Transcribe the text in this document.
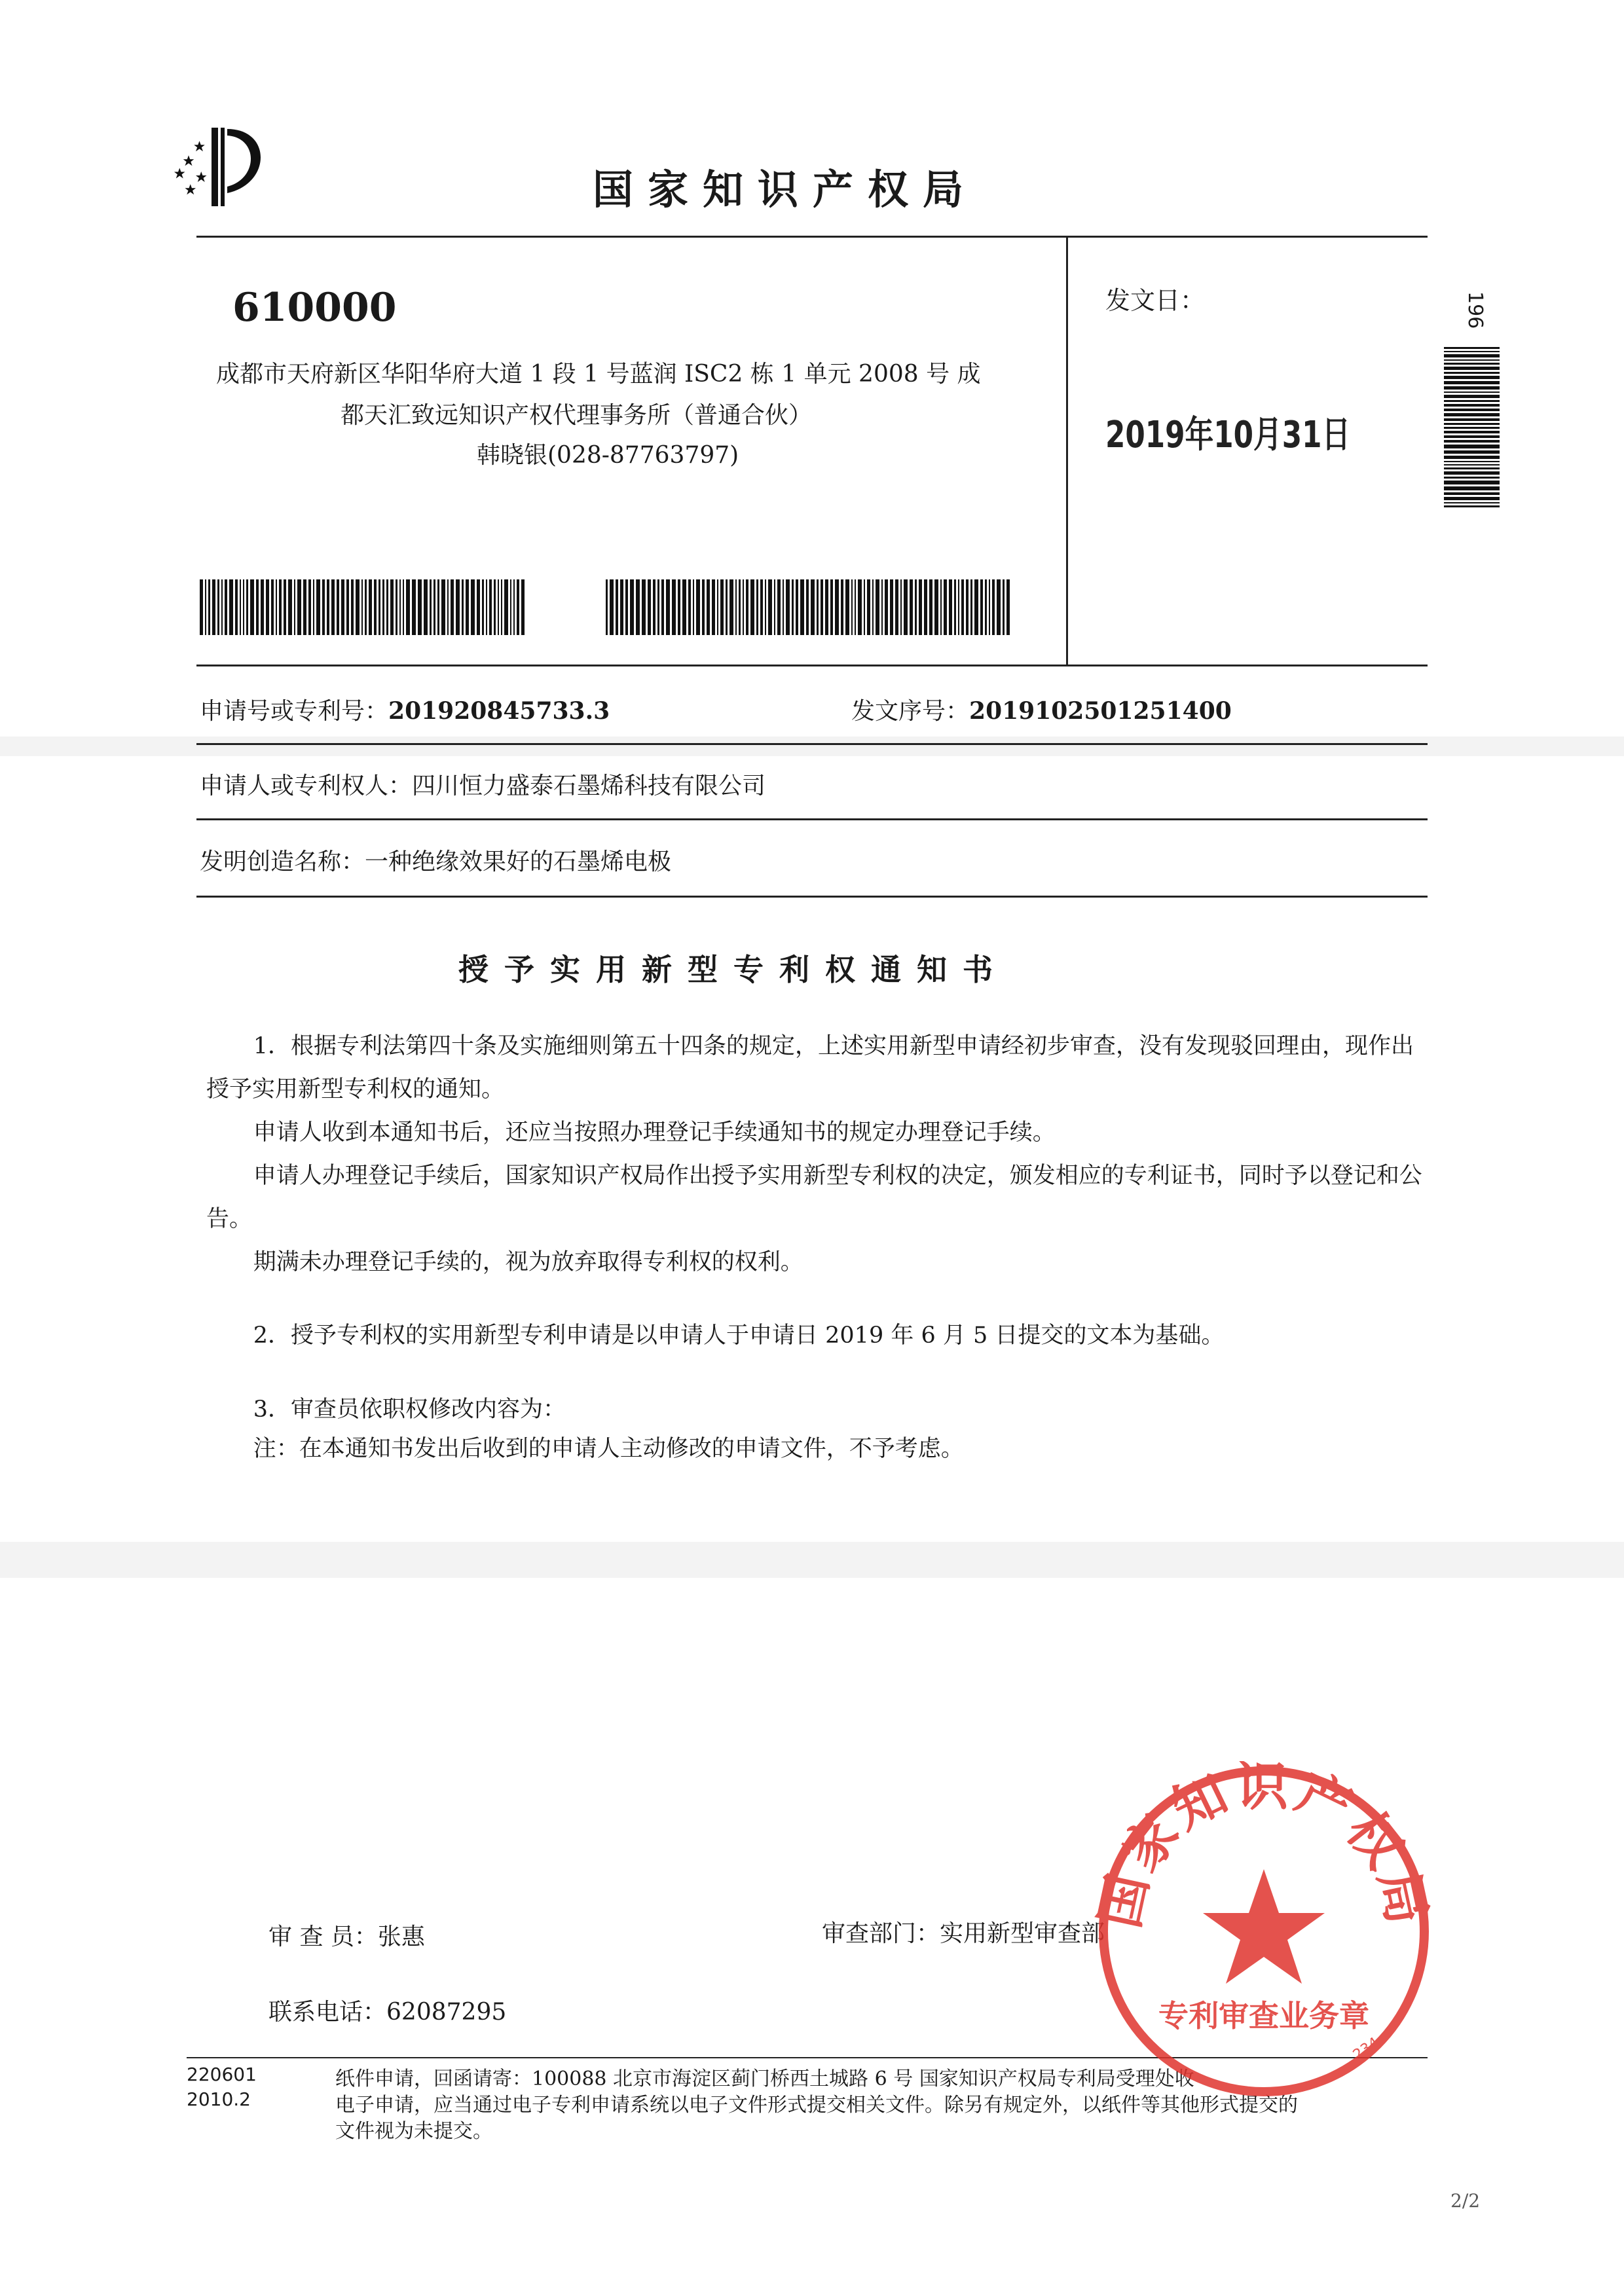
国家知识产权局
610000
成都市天府新区华阳华府大道 1 段 1 号蓝润 ISC2 栋 1 单元 2008 号 成
都天汇致远知识产权代理事务所（普通合伙）
韩晓银(028-87763797)
发文日：
2019年10月31日
196
申请号或专利号：201920845733.3	发文序号：2019102501251400
申请人或专利权人：四川恒力盛泰石墨烯科技有限公司
发明创造名称：一种绝缘效果好的石墨烯电极
授予实用新型专利权通知书
1．根据专利法第四十条及实施细则第五十四条的规定，上述实用新型申请经初步审查，没有发现驳回理由，现作出授予实用新型专利权的通知。
申请人收到本通知书后，还应当按照办理登记手续通知书的规定办理登记手续。
申请人办理登记手续后，国家知识产权局作出授予实用新型专利权的决定，颁发相应的专利证书，同时予以登记和公告。
期满未办理登记手续的，视为放弃取得专利权的权利。
2．授予专利权的实用新型专利申请是以申请人于申请日 2019 年 6 月 5 日提交的文本为基础。
3．审查员依职权修改内容为：
注：在本通知书发出后收到的申请人主动修改的申请文件，不予考虑。
审 查 员：张惠	审查部门：实用新型审查部
联系电话：62087295
220601
2010.2
纸件申请，回函请寄：100088 北京市海淀区蓟门桥西土城路 6 号 国家知识产权局专利局受理处收
电子申请，应当通过电子专利申请系统以电子文件形式提交相关文件。除另有规定外，以纸件等其他形式提交的
文件视为未提交。
2/2
国家知识产权局
专利审查业务章
234
